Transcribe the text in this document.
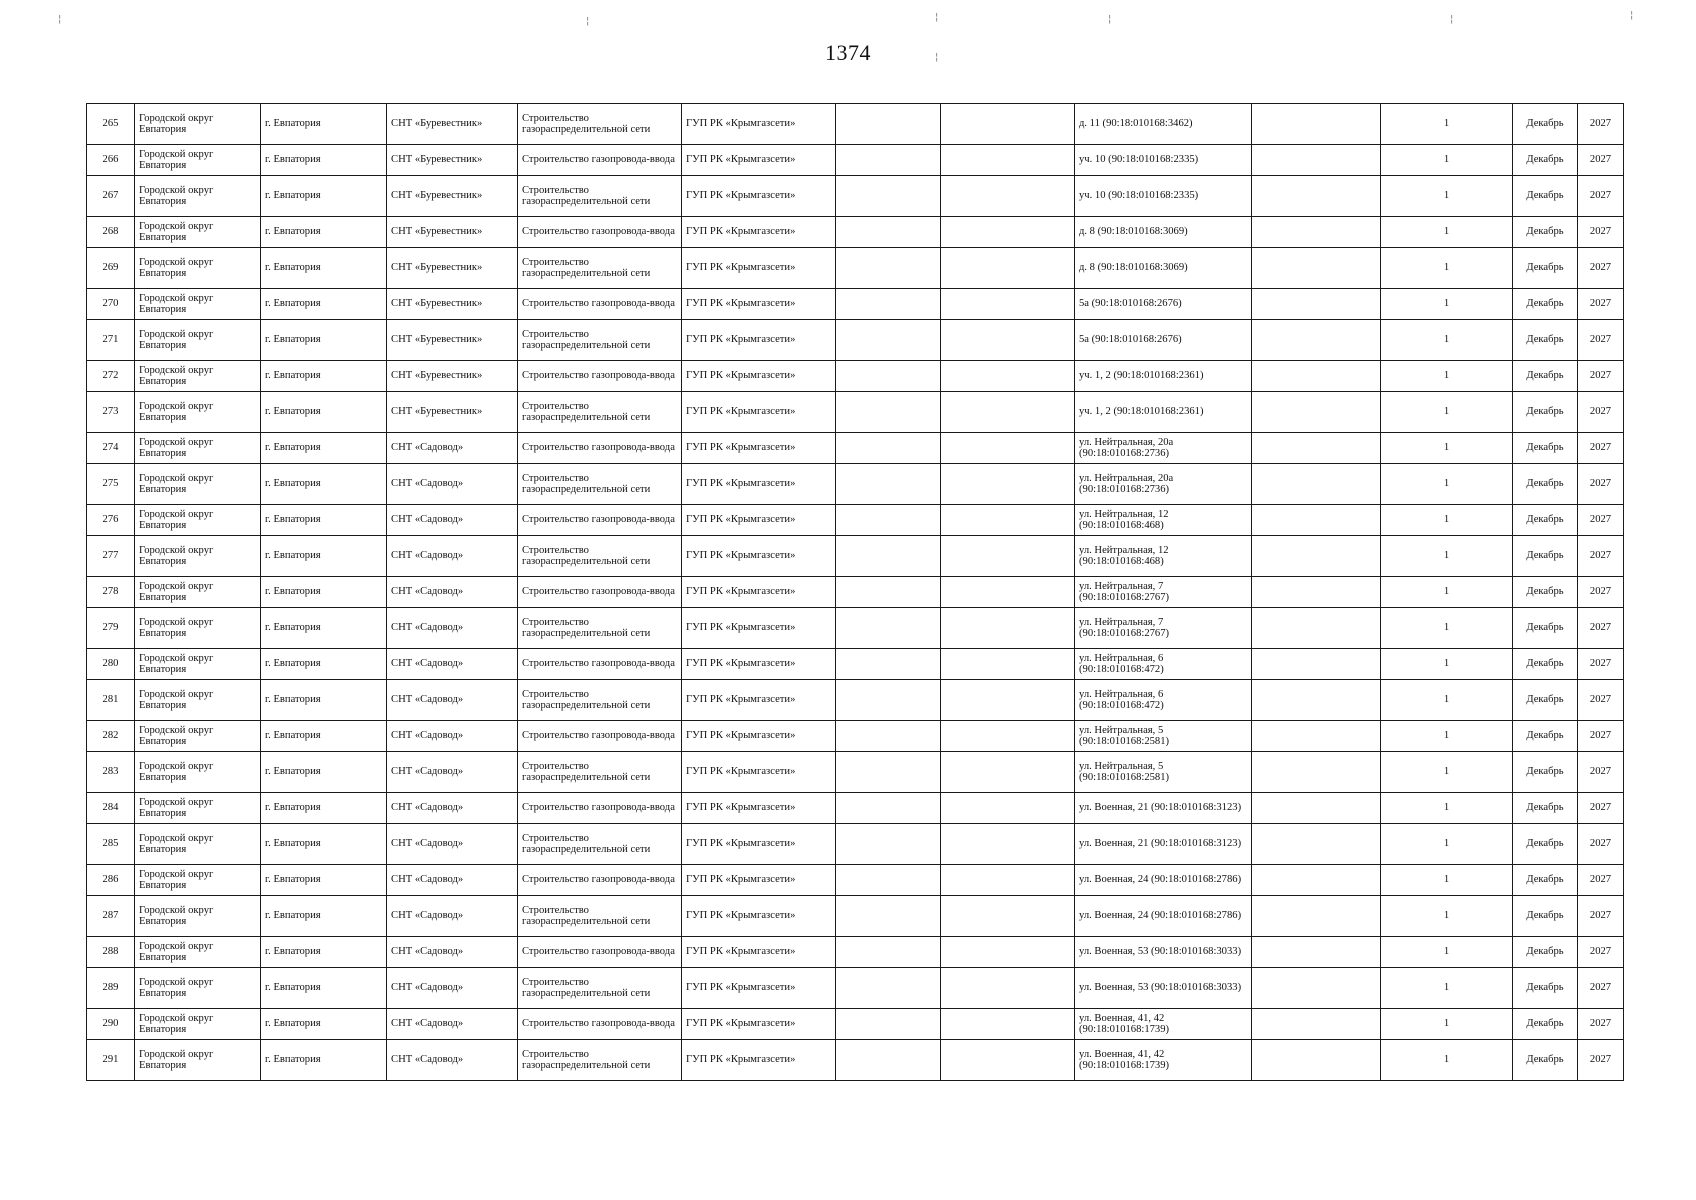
1374
¦	¦	¦	¦	¦	¦
¦
265	Городской округ Евпатория	г. Евпатория	СНТ «Буревестник»	Строительство газораспределительной сети	ГУП РК «Крымгазсети»			д. 11 (90:18:010168:3462)		1	Декабрь	2027
266	Городской округ Евпатория	г. Евпатория	СНТ «Буревестник»	Строительство газопровода-ввода	ГУП РК «Крымгазсети»			уч. 10 (90:18:010168:2335)		1	Декабрь	2027
267	Городской округ Евпатория	г. Евпатория	СНТ «Буревестник»	Строительство газораспределительной сети	ГУП РК «Крымгазсети»			уч. 10 (90:18:010168:2335)		1	Декабрь	2027
268	Городской округ Евпатория	г. Евпатория	СНТ «Буревестник»	Строительство газопровода-ввода	ГУП РК «Крымгазсети»			д. 8 (90:18:010168:3069)		1	Декабрь	2027
269	Городской округ Евпатория	г. Евпатория	СНТ «Буревестник»	Строительство газораспределительной сети	ГУП РК «Крымгазсети»			д. 8 (90:18:010168:3069)		1	Декабрь	2027
270	Городской округ Евпатория	г. Евпатория	СНТ «Буревестник»	Строительство газопровода-ввода	ГУП РК «Крымгазсети»			5а (90:18:010168:2676)		1	Декабрь	2027
271	Городской округ Евпатория	г. Евпатория	СНТ «Буревестник»	Строительство газораспределительной сети	ГУП РК «Крымгазсети»			5а (90:18:010168:2676)		1	Декабрь	2027
272	Городской округ Евпатория	г. Евпатория	СНТ «Буревестник»	Строительство газопровода-ввода	ГУП РК «Крымгазсети»			уч. 1, 2 (90:18:010168:2361)		1	Декабрь	2027
273	Городской округ Евпатория	г. Евпатория	СНТ «Буревестник»	Строительство газораспределительной сети	ГУП РК «Крымгазсети»			уч. 1, 2 (90:18:010168:2361)		1	Декабрь	2027
274	Городской округ Евпатория	г. Евпатория	СНТ «Садовод»	Строительство газопровода-ввода	ГУП РК «Крымгазсети»			ул. Нейтральная, 20а (90:18:010168:2736)		1	Декабрь	2027
275	Городской округ Евпатория	г. Евпатория	СНТ «Садовод»	Строительство газораспределительной сети	ГУП РК «Крымгазсети»			ул. Нейтральная, 20а (90:18:010168:2736)		1	Декабрь	2027
276	Городской округ Евпатория	г. Евпатория	СНТ «Садовод»	Строительство газопровода-ввода	ГУП РК «Крымгазсети»			ул. Нейтральная, 12 (90:18:010168:468)		1	Декабрь	2027
277	Городской округ Евпатория	г. Евпатория	СНТ «Садовод»	Строительство газораспределительной сети	ГУП РК «Крымгазсети»			ул. Нейтральная, 12 (90:18:010168:468)		1	Декабрь	2027
278	Городской округ Евпатория	г. Евпатория	СНТ «Садовод»	Строительство газопровода-ввода	ГУП РК «Крымгазсети»			ул. Нейтральная, 7 (90:18:010168:2767)		1	Декабрь	2027
279	Городской округ Евпатория	г. Евпатория	СНТ «Садовод»	Строительство газораспределительной сети	ГУП РК «Крымгазсети»			ул. Нейтральная, 7 (90:18:010168:2767)		1	Декабрь	2027
280	Городской округ Евпатория	г. Евпатория	СНТ «Садовод»	Строительство газопровода-ввода	ГУП РК «Крымгазсети»			ул. Нейтральная, 6 (90:18:010168:472)		1	Декабрь	2027
281	Городской округ Евпатория	г. Евпатория	СНТ «Садовод»	Строительство газораспределительной сети	ГУП РК «Крымгазсети»			ул. Нейтральная, 6 (90:18:010168:472)		1	Декабрь	2027
282	Городской округ Евпатория	г. Евпатория	СНТ «Садовод»	Строительство газопровода-ввода	ГУП РК «Крымгазсети»			ул. Нейтральная, 5 (90:18:010168:2581)		1	Декабрь	2027
283	Городской округ Евпатория	г. Евпатория	СНТ «Садовод»	Строительство газораспределительной сети	ГУП РК «Крымгазсети»			ул. Нейтральная, 5 (90:18:010168:2581)		1	Декабрь	2027
284	Городской округ Евпатория	г. Евпатория	СНТ «Садовод»	Строительство газопровода-ввода	ГУП РК «Крымгазсети»			ул. Военная, 21 (90:18:010168:3123)		1	Декабрь	2027
285	Городской округ Евпатория	г. Евпатория	СНТ «Садовод»	Строительство газораспределительной сети	ГУП РК «Крымгазсети»			ул. Военная, 21 (90:18:010168:3123)		1	Декабрь	2027
286	Городской округ Евпатория	г. Евпатория	СНТ «Садовод»	Строительство газопровода-ввода	ГУП РК «Крымгазсети»			ул. Военная, 24 (90:18:010168:2786)		1	Декабрь	2027
287	Городской округ Евпатория	г. Евпатория	СНТ «Садовод»	Строительство газораспределительной сети	ГУП РК «Крымгазсети»			ул. Военная, 24 (90:18:010168:2786)		1	Декабрь	2027
288	Городской округ Евпатория	г. Евпатория	СНТ «Садовод»	Строительство газопровода-ввода	ГУП РК «Крымгазсети»			ул. Военная, 53 (90:18:010168:3033)		1	Декабрь	2027
289	Городской округ Евпатория	г. Евпатория	СНТ «Садовод»	Строительство газораспределительной сети	ГУП РК «Крымгазсети»			ул. Военная, 53 (90:18:010168:3033)		1	Декабрь	2027
290	Городской округ Евпатория	г. Евпатория	СНТ «Садовод»	Строительство газопровода-ввода	ГУП РК «Крымгазсети»			ул. Военная, 41, 42 (90:18:010168:1739)		1	Декабрь	2027
291	Городской округ Евпатория	г. Евпатория	СНТ «Садовод»	Строительство газораспределительной сети	ГУП РК «Крымгазсети»			ул. Военная, 41, 42 (90:18:010168:1739)		1	Декабрь	2027
